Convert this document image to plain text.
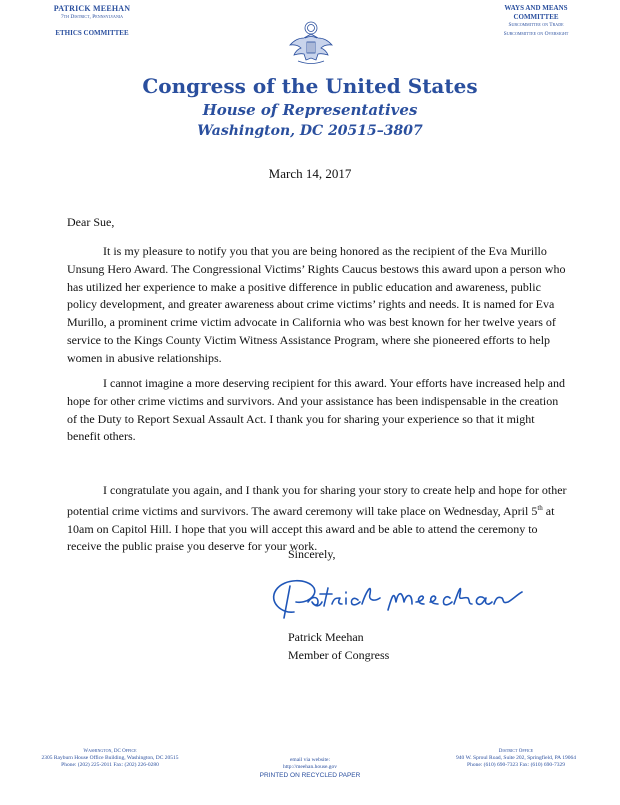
PATRICK MEEHAN
7th District, Pennsylvania
ETHICS COMMITTEE
WAYS AND MEANS
COMMITTEE
Subcommittee on Trade
Subcommittee on Oversight
Congress of the United States
House of Representatives
Washington, DC 20515–3807
March 14, 2017
Dear Sue,
It is my pleasure to notify you that you are being honored as the recipient of the Eva Murillo Unsung Hero Award. The Congressional Victims’ Rights Caucus bestows this award upon a person who has utilized her experience to make a positive difference in public education and awareness, public policy development, and greater awareness about crime victims’ rights and needs. It is named for Eva Murillo, a prominent crime victim advocate in California who was best known for her twelve years of service to the Kings County Victim Witness Assistance Program, where she pioneered efforts to help women in abusive relationships.
I cannot imagine a more deserving recipient for this award. Your efforts have increased help and hope for other crime victims and survivors. And your assistance has been indispensable in the creation of the Duty to Report Sexual Assault Act. I thank you for sharing your experience so that it might benefit others.
I congratulate you again, and I thank you for sharing your story to create help and hope for other potential crime victims and survivors. The award ceremony will take place on Wednesday, April 5th at 10am on Capitol Hill. I hope that you will accept this award and be able to attend the ceremony to receive the public praise you deserve for your work.
Sincerely,
Patrick Meehan
Member of Congress
Washington, DC Office
2305 Rayburn House Office Building, Washington, DC 20515
Phone: (202) 225-2011 Fax: (202) 226-0280
email via website:
http://meehan.house.gov
District Office
940 W. Sproul Road, Suite 202, Springfield, PA 19064
Phone: (610) 690-7323 Fax: (610) 690-7329
PRINTED ON RECYCLED PAPER
